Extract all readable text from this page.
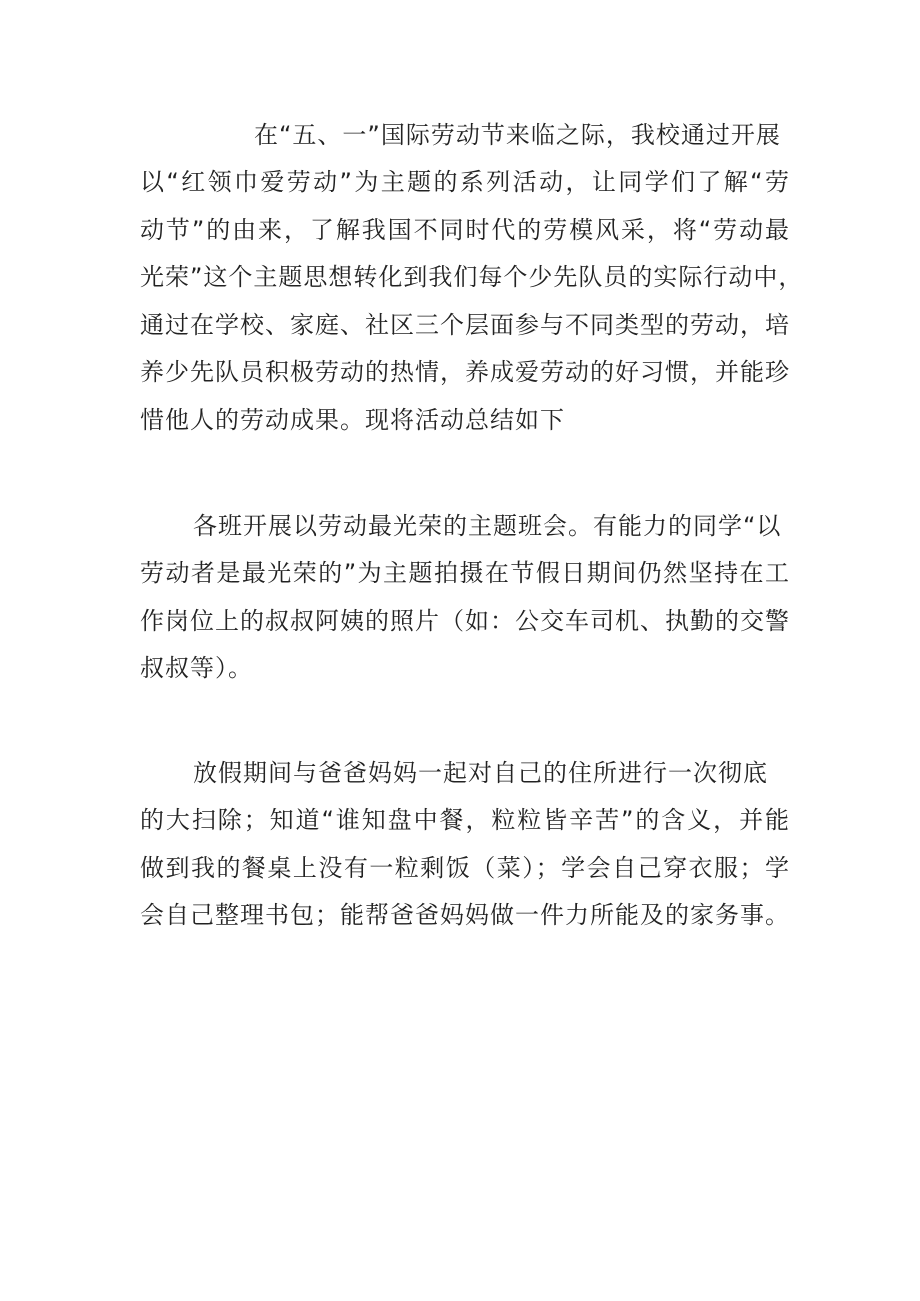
在“五、一”国际劳动节来临之际，我校通过开展
以“红领巾爱劳动”为主题的系列活动，让同学们了解“劳
动节”的由来，了解我国不同时代的劳模风采，将“劳动最
光荣”这个主题思想转化到我们每个少先队员的实际行动中，
通过在学校、家庭、社区三个层面参与不同类型的劳动，培
养少先队员积极劳动的热情，养成爱劳动的好习惯，并能珍
惜他人的劳动成果。现将活动总结如下
各班开展以劳动最光荣的主题班会。有能力的同学“以
劳动者是最光荣的”为主题拍摄在节假日期间仍然坚持在工
作岗位上的叔叔阿姨的照片（如：公交车司机、执勤的交警
叔叔等）。
放假期间与爸爸妈妈一起对自己的住所进行一次彻底
的大扫除；知道“谁知盘中餐，粒粒皆辛苦”的含义，并能
做到我的餐桌上没有一粒剩饭（菜）；学会自己穿衣服；学
会自己整理书包；能帮爸爸妈妈做一件力所能及的家务事。
